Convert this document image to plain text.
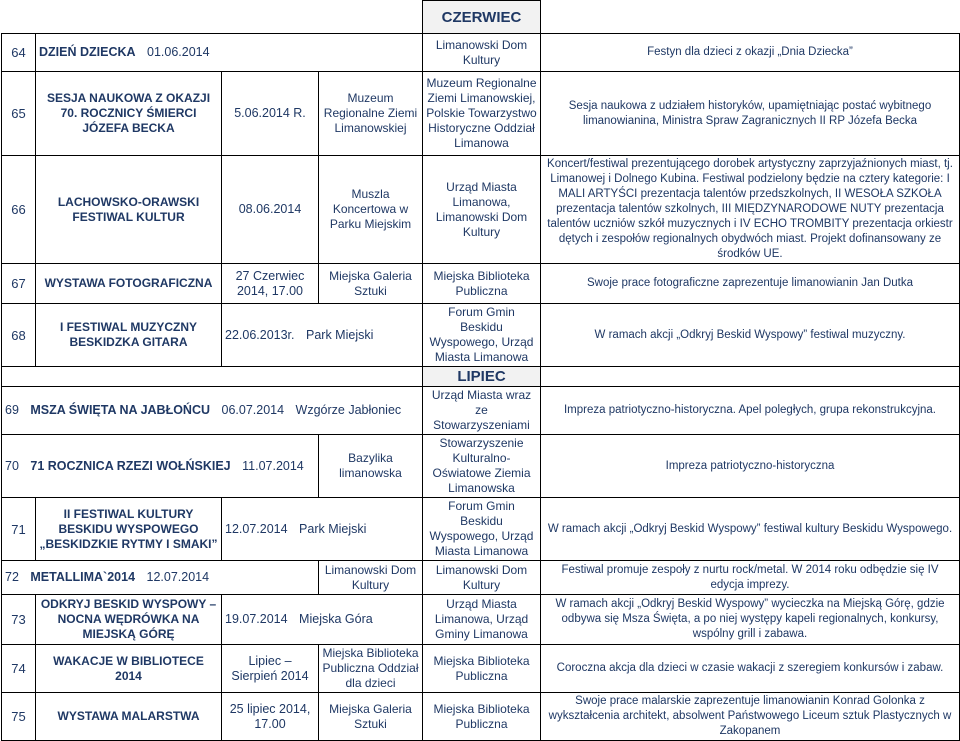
				CZERWIEC	
64	DZIEŃ DZIECKA 01.06.2014			Limanowski Dom Kultury	Festyn dla dzieci z okazji „Dnia Dziecka”
65	SESJA NAUKOWA Z OKAZJI 70. ROCZNICY ŚMIERCI JÓZEFA BECKA	5.06.2014 R.	Muzeum Regionalne Ziemi Limanowskiej	Muzeum Regionalne Ziemi Limanowskiej, Polskie Towarzystwo Historyczne Oddział Limanowa	Sesja naukowa z udziałem historyków, upamiętniając postać wybitnego limanowianina, Ministra Spraw Zagranicznych II RP Józefa Becka
66	LACHOWSKO-ORAWSKI FESTIWAL KULTUR	08.06.2014	Muszla Koncertowa w Parku Miejskim	Urząd Miasta Limanowa, Limanowski Dom Kultury	Koncert/festiwal prezentującego dorobek artystyczny zaprzyjaźnionych miast, tj. Limanowej i Dolnego Kubina. Festiwal podzielony będzie na cztery kategorie: I MALI ARTYŚCI prezentacja talentów przedszkolnych, II WESOŁA SZKOŁA prezentacja talentów szkolnych, III MIĘDZYNARODOWE NUTY prezentacja talentów uczniów szkół muzycznych i IV ECHO TROMBITY prezentacja orkiestr dętych i zespołów regionalnych obydwóch miast. Projekt dofinansowany ze środków UE.
67	WYSTAWA FOTOGRAFICZNA	27 Czerwiec 2014, 17.00	Miejska Galeria Sztuki	Miejska Biblioteka Publiczna	Swoje prace fotograficzne zaprezentuje limanowianin Jan Dutka
68	I FESTIWAL MUZYCZNY BESKIDZKA GITARA	22.06.2013r. Park Miejski		Forum Gmin Beskidu Wyspowego, Urząd Miasta Limanowa	W ramach akcji „Odkryj Beskid Wyspowy” festiwal muzyczny.
				LIPIEC	
69 MSZA ŚWIĘTA NA JABŁOŃCU 06.07.2014 Wzgórze Jabłoniec				Urząd Miasta wraz ze Stowarzyszeniami	Impreza patriotyczno-historyczna. Apel poległych, grupa rekonstrukcyjna.
70 71 ROCZNICA RZEZI WOŁŃSKIEJ 11.07.2014			Bazylika limanowska	Stowarzyszenie Kulturalno- Oświatowe Ziemia Limanowska	Impreza patriotyczno-historyczna
71	II FESTIWAL KULTURY BESKIDU WYSPOWEGO „BESKIDZKIE RYTMY I SMAKI”	12.07.2014 Park Miejski		Forum Gmin Beskidu Wyspowego, Urząd Miasta Limanowa	W ramach akcji „Odkryj Beskid Wyspowy” festiwal kultury Beskidu Wyspowego.
72 METALLIMA`2014 12.07.2014			Limanowski Dom Kultury	Limanowski Dom Kultury	Festiwal promuje zespoły z nurtu rock/metal. W 2014 roku odbędzie się IV edycja imprezy.
73	ODKRYJ BESKID WYSPOWY – NOCNA WĘDRÓWKA NA MIEJSKĄ GÓRĘ	19.07.2014 Miejska Góra		Urząd Miasta Limanowa, Urząd Gminy Limanowa	W ramach akcji „Odkryj Beskid Wyspowy” wycieczka na Miejską Górę, gdzie odbywa się Msza Święta, a po niej występy kapeli regionalnych, konkursy, wspólny grill i zabawa.
74	WAKACJE W BIBLIOTECE 2014	Lipiec – Sierpień 2014	Miejska Biblioteka Publiczna Oddział dla dzieci	Miejska Biblioteka Publiczna	Coroczna akcja dla dzieci w czasie wakacji z szeregiem konkursów i zabaw.
75	WYSTAWA MALARSTWA	25 lipiec 2014, 17.00	Miejska Galeria Sztuki	Miejska Biblioteka Publiczna	Swoje prace malarskie zaprezentuje limanowianin Konrad Golonka z wykształcenia architekt, absolwent Państwowego Liceum sztuk Plastycznych w Zakopanem
